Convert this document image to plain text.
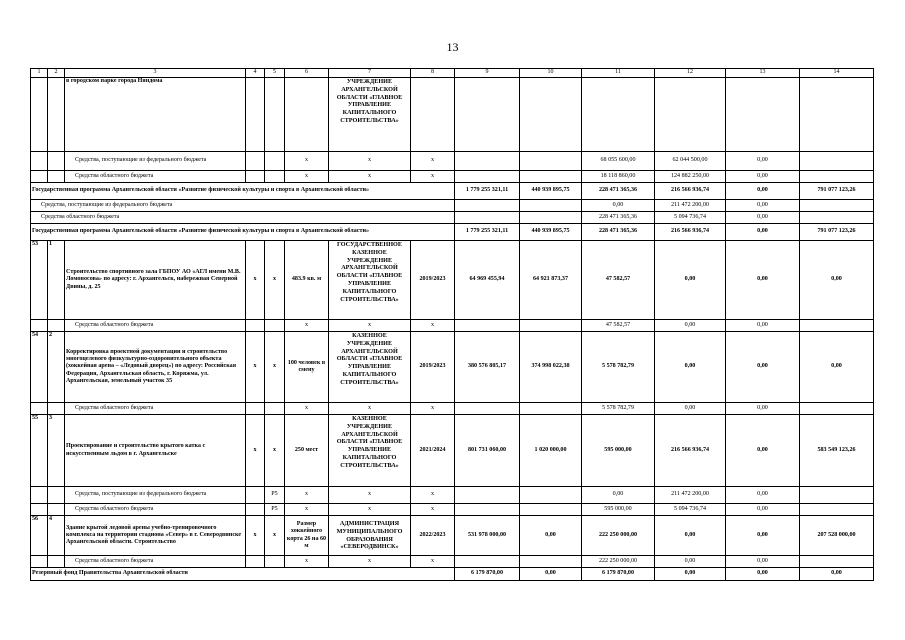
13
1	2	3	4	5	6	7	8	9	10	11	12	13	14
		в городском парке города Няндома				УЧРЕЖДЕНИЕ АРХАНГЕЛЬСКОЙ ОБЛАСТИ «ГЛАВНОЕ УПРАВЛЕНИЕ КАПИТАЛЬНОГО СТРОИТЕЛЬСТВА»							
		Средства, поступающие из федерального бюджета			х	х	х			68 055 600,00	62 044 500,00	0,00	
		Средства областного бюджета			х	х	х			18 118 860,00	124 882 250,00	0,00	
Государственная программа Архангельской области «Развитие физической культуры и спорта в Архангельской области»								1 779 255 321,11	440 939 895,75	228 471 365,36	216 566 936,74	0,00	791 077 123,26
Средства, поступающие из федерального бюджета										0,00	211 472 200,00	0,00	
Средства областного бюджета										228 471 365,36	5 094 736,74	0,00	
Государственная программа Архангельской области «Развитие физической культуры и спорта в Архангельской области»								1 779 255 321,11	440 939 895,75	228 471 365,36	216 566 936,74	0,00	791 077 123,26
53	1	Строительство спортивного зала ГБПОУ АО «АГЛ имени М.В. Ломоносова» по адресу: г. Архангельск, набережная Северной Двины, д. 25	х	х	483.9 кв. м	ГОСУДАРСТВЕННОЕ КАЗЕННОЕ УЧРЕЖДЕНИЕ АРХАНГЕЛЬСКОЙ ОБЛАСТИ «ГЛАВНОЕ УПРАВЛЕНИЕ КАПИТАЛЬНОГО СТРОИТЕЛЬСТВА»	2019/2023	64 969 455,94	64 921 873,37	47 582,57	0,00	0,00	0,00
		Средства областного бюджета			х	х	х			47 582,57	0,00	0,00	
54	2	Корректировка проектной документации и строительство многоцелевого физкультурно-оздоровительного объекта (хоккейная арена – «Ледовый дворец») по адресу: Российская Федерация, Архангельская область, г. Коряжма, ул. Архангельская, земельный участок 35	х	х	100 человек в смену	КАЗЕННОЕ УЧРЕЖДЕНИЕ АРХАНГЕЛЬСКОЙ ОБЛАСТИ «ГЛАВНОЕ УПРАВЛЕНИЕ КАПИТАЛЬНОГО СТРОИТЕЛЬСТВА»	2019/2023	380 576 805,17	374 998 022,38	5 578 782,79	0,00	0,00	0,00
		Средства областного бюджета			х	х	х			5 578 782,79	0,00	0,00	
55	3	Проектирование и строительство крытого катка с искусственным льдом в г. Архангельске	х	х	250 мест	КАЗЕННОЕ УЧРЕЖДЕНИЕ АРХАНГЕЛЬСКОЙ ОБЛАСТИ «ГЛАВНОЕ УПРАВЛЕНИЕ КАПИТАЛЬНОГО СТРОИТЕЛЬСТВА»	2021/2024	801 731 060,00	1 020 000,00	595 000,00	216 566 936,74	0,00	583 549 123,26
		Средства, поступающие из федерального бюджета		P5	х	х	х			0,00	211 472 200,00	0,00	
		Средства областного бюджета		P5	х	х	х			595 000,00	5 094 736,74	0,00	
56	4	Здание крытой ледовой арены учебно-тренировочного комплекса на территории стадиона «Север» в г. Северодвинске Архангельской области. Строительство	х	х	Размер хоккейного корта 26 на 60 м	АДМИНИСТРАЦИЯ МУНИЦИПАЛЬНОГО ОБРАЗОВАНИЯ «СЕВЕРОДВИНСК»	2022/2023	531 978 000,00	0,00	222 250 000,00	0,00	0,00	207 528 000,00
		Средства областного бюджета			х	х	х			222 250 000,00	0,00	0,00	
Резервный фонд Правительства Архангельской области								6 179 870,00	0,00	6 179 870,00	0,00	0,00	0,00
